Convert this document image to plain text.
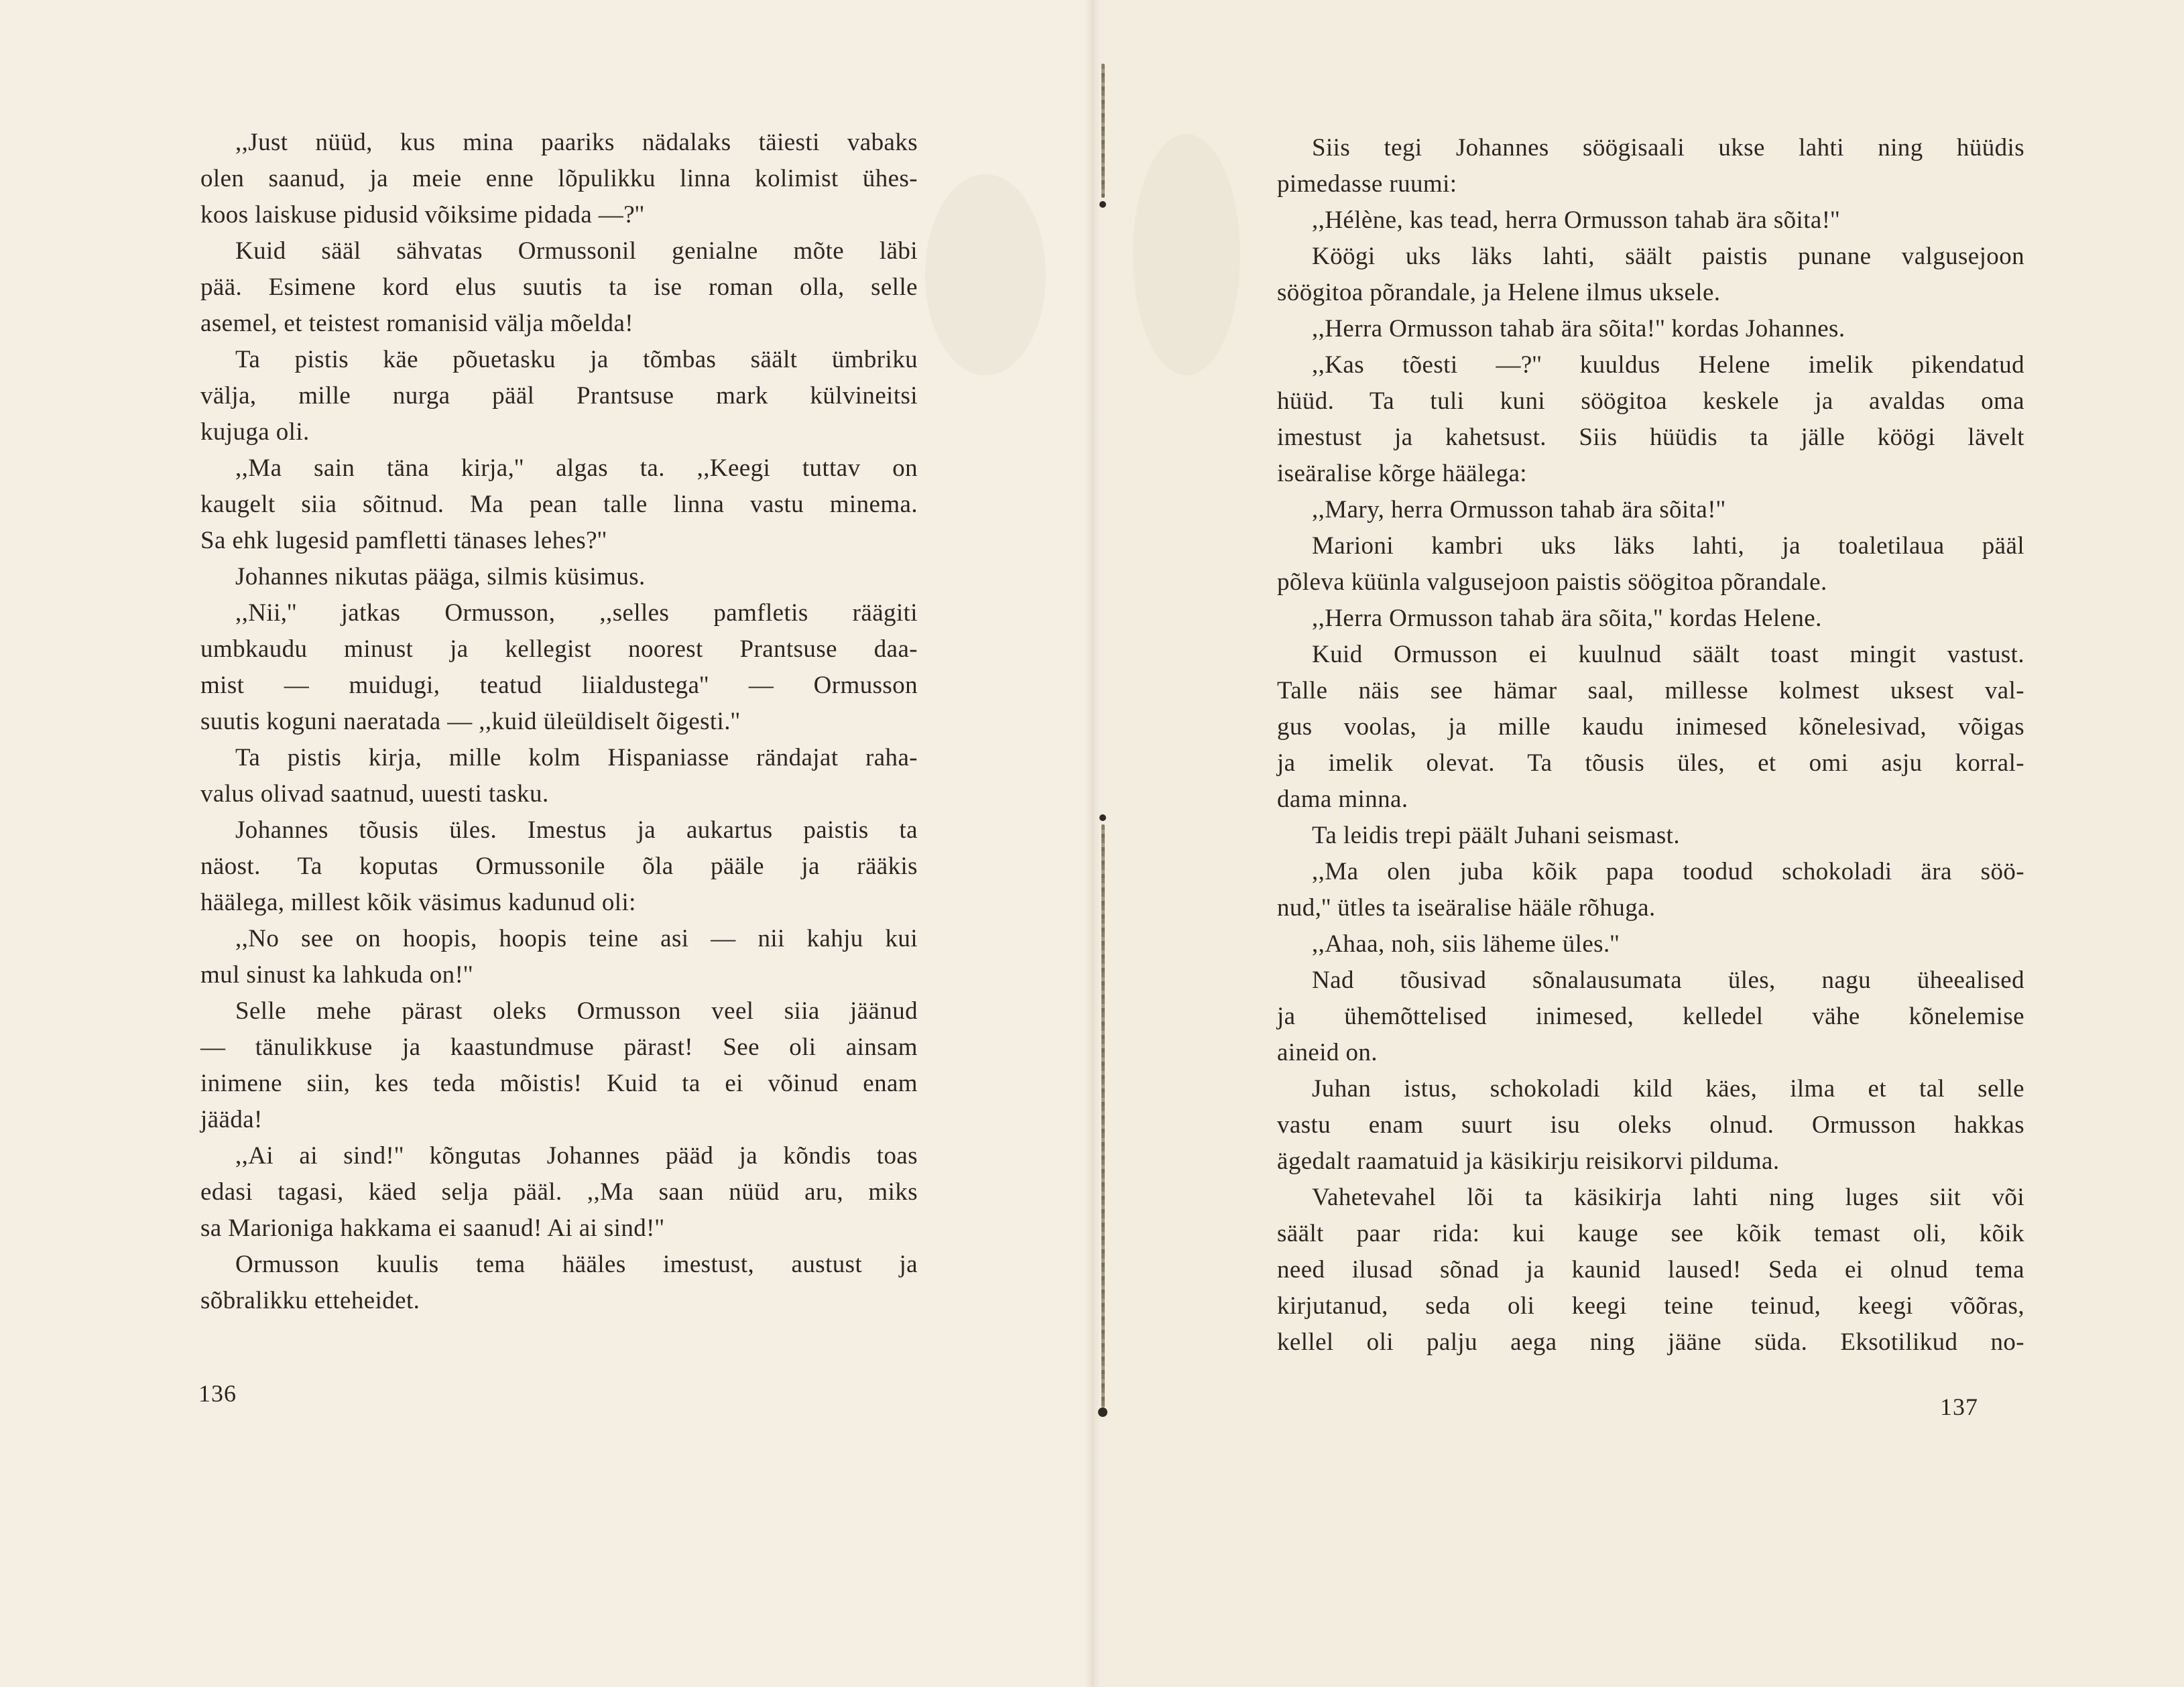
,,Just nüüd, kus mina paariks nädalaks täiesti vabaks
olen saanud, ja meie enne lõpulikku linna kolimist ühes-
koos laiskuse pidusid võiksime pidada —?''
Kuid sääl sähvatas Ormussonil genialne mõte läbi
pää. Esimene kord elus suutis ta ise roman olla, selle
asemel, et teistest romanisid välja mõelda!
Ta pistis käe põuetasku ja tõmbas säält ümbriku
välja, mille nurga pääl Prantsuse mark külvineitsi
kujuga oli.
,,Ma sain täna kirja,'' algas ta. ,,Keegi tuttav on
kaugelt siia sõitnud. Ma pean talle linna vastu minema.
Sa ehk lugesid pamfletti tänases lehes?''
Johannes nikutas pääga, silmis küsimus.
,,Nii,'' jatkas Ormusson, ,,selles pamfletis räägiti
umbkaudu minust ja kellegist noorest Prantsuse daa-
mist — muidugi, teatud liialdustega'' — Ormusson
suutis koguni naeratada — ,,kuid üleüldiselt õigesti.''
Ta pistis kirja, mille kolm Hispaniasse rändajat raha-
valus olivad saatnud, uuesti tasku.
Johannes tõusis üles. Imestus ja aukartus paistis ta
näost. Ta koputas Ormussonile õla pääle ja rääkis
häälega, millest kõik väsimus kadunud oli:
,,No see on hoopis, hoopis teine asi — nii kahju kui
mul sinust ka lahkuda on!''
Selle mehe pärast oleks Ormusson veel siia jäänud
— tänulikkuse ja kaastundmuse pärast! See oli ainsam
inimene siin, kes teda mõistis! Kuid ta ei võinud enam
jääda!
,,Ai ai sind!'' kõngutas Johannes pääd ja kõndis toas
edasi tagasi, käed selja pääl. ,,Ma saan nüüd aru, miks
sa Marioniga hakkama ei saanud! Ai ai sind!''
Ormusson kuulis tema hääles imestust, austust ja
sõbralikku etteheidet.
136
Siis tegi Johannes söögisaali ukse lahti ning hüüdis
pimedasse ruumi:
,,Hélène, kas tead, herra Ormusson tahab ära sõita!''
Köögi uks läks lahti, säält paistis punane valgusejoon
söögitoa põrandale, ja Helene ilmus uksele.
,,Herra Ormusson tahab ära sõita!'' kordas Johannes.
,,Kas tõesti —?'' kuuldus Helene imelik pikendatud
hüüd. Ta tuli kuni söögitoa keskele ja avaldas oma
imestust ja kahetsust. Siis hüüdis ta jälle köögi lävelt
iseäralise kõrge häälega:
,,Mary, herra Ormusson tahab ära sõita!''
Marioni kambri uks läks lahti, ja toaletilaua pääl
põleva küünla valgusejoon paistis söögitoa põrandale.
,,Herra Ormusson tahab ära sõita,'' kordas Helene.
Kuid Ormusson ei kuulnud säält toast mingit vastust.
Talle näis see hämar saal, millesse kolmest uksest val-
gus voolas, ja mille kaudu inimesed kõnelesivad, võigas
ja imelik olevat. Ta tõusis üles, et omi asju korral-
dama minna.
Ta leidis trepi päält Juhani seismast.
,,Ma olen juba kõik papa toodud schokoladi ära söö-
nud,'' ütles ta iseäralise hääle rõhuga.
,,Ahaa, noh, siis läheme üles.''
Nad tõusivad sõnalausumata üles, nagu üheealised
ja ühemõttelised inimesed, kelledel vähe kõnelemise
aineid on.
Juhan istus, schokoladi kild käes, ilma et tal selle
vastu enam suurt isu oleks olnud. Ormusson hakkas
ägedalt raamatuid ja käsikirju reisikorvi pilduma.
Vahetevahel lõi ta käsikirja lahti ning luges siit või
säält paar rida: kui kauge see kõik temast oli, kõik
need ilusad sõnad ja kaunid laused! Seda ei olnud tema
kirjutanud, seda oli keegi teine teinud, keegi võõras,
kellel oli palju aega ning jääne süda. Eksotilikud no-
137
